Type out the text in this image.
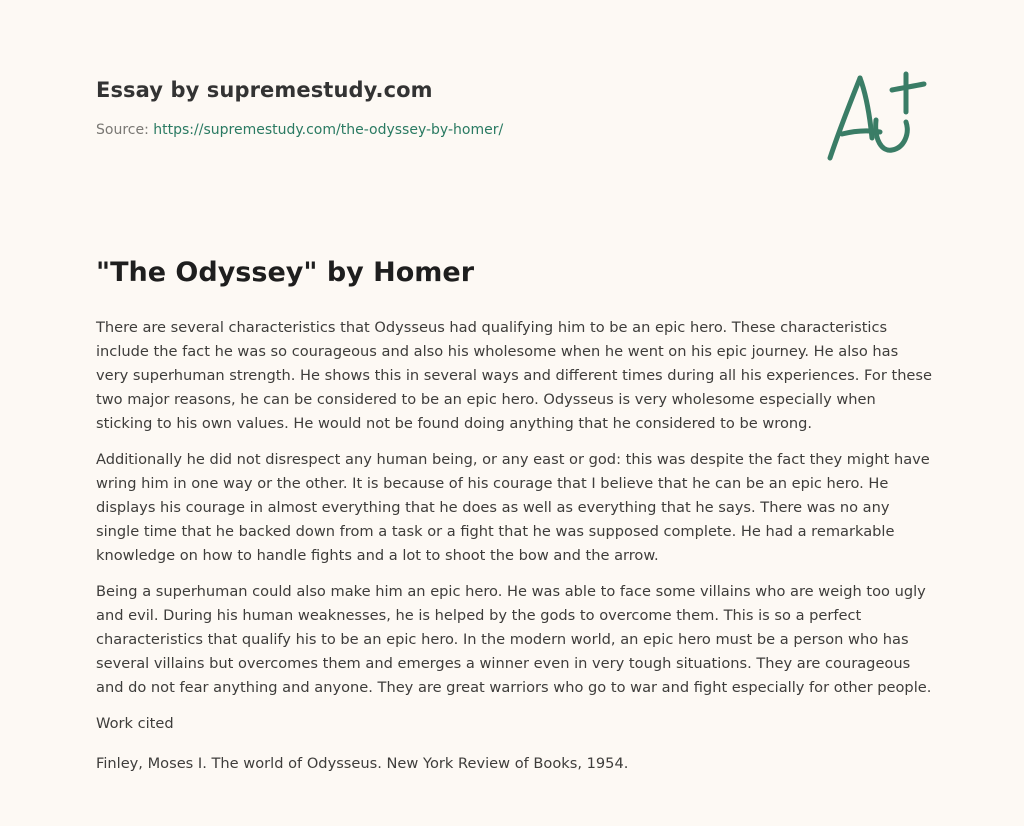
Essay by supremestudy.com
Source: https://supremestudy.com/the-odyssey-by-homer/
"The Odyssey" by Homer

There are several characteristics that Odysseus had qualifying him to be an epic hero. These characteristics include the fact he was so courageous and also his wholesome when he went on his epic journey. He also has very superhuman strength. He shows this in several ways and different times during all his experiences. For these two major reasons, he can be considered to be an epic hero. Odysseus is very wholesome especially when sticking to his own values. He would not be found doing anything that he considered to be wrong.

Additionally he did not disrespect any human being, or any east or god: this was despite the fact they might have wring him in one way or the other. It is because of his courage that I believe that he can be an epic hero. He displays his courage in almost everything that he does as well as everything that he says. There was no any single time that he backed down from a task or a fight that he was supposed complete. He had a remarkable knowledge on how to handle fights and a lot to shoot the bow and the arrow.

Being a superhuman could also make him an epic hero. He was able to face some villains who are weigh too ugly and evil. During his human weaknesses, he is helped by the gods to overcome them. This is so a perfect characteristics that qualify his to be an epic hero. In the modern world, an epic hero must be a person who has several villains but overcomes them and emerges a winner even in very tough situations. They are courageous and do not fear anything and anyone. They are great warriors who go to war and fight especially for other people.

Work cited

Finley, Moses I. The world of Odysseus. New York Review of Books, 1954.
